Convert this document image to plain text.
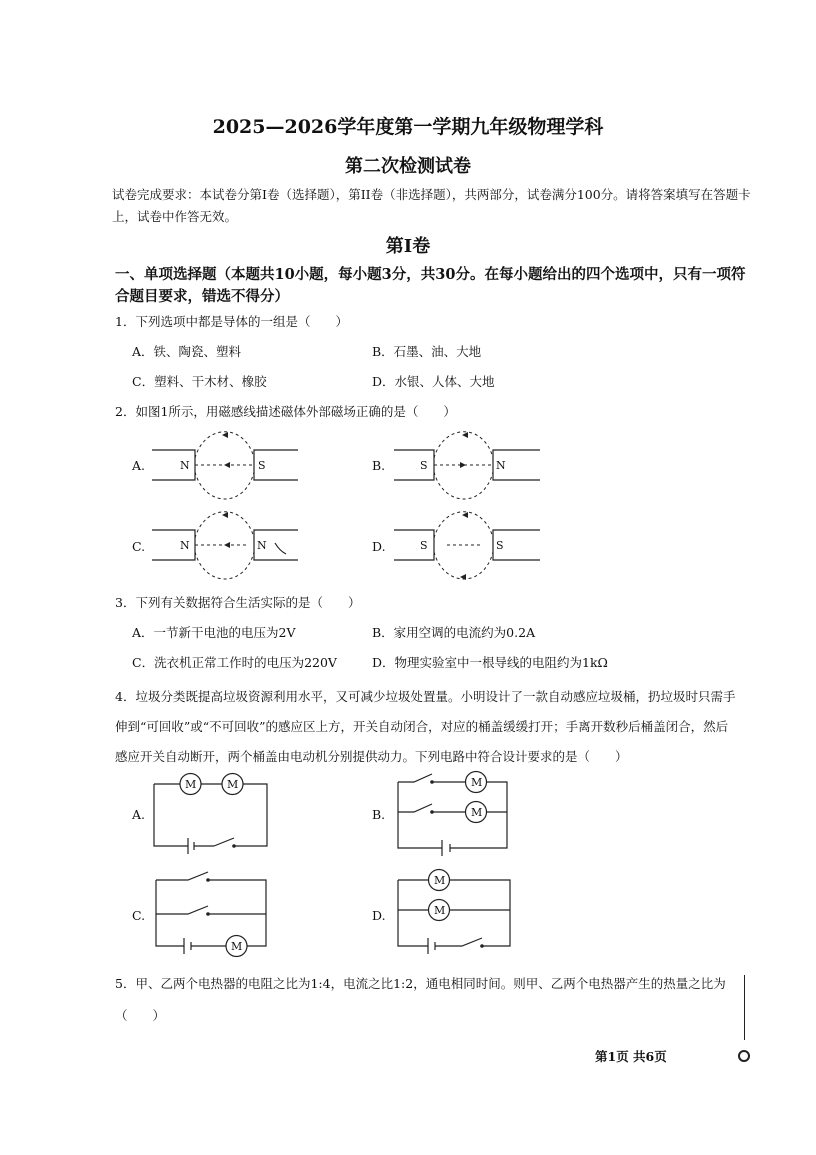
2025—2026学年度第一学期九年级物理学科
第二次检测试卷
试卷完成要求：本试卷分第I卷（选择题），第II卷（非选择题），共两部分，试卷满分100分。请将答案填写在答题卡上，试卷中作答无效。
第I卷
一、单项选择题（本题共10小题，每小题3分，共30分。在每小题给出的四个选项中，只有一项符合题目要求，错选不得分）
1．下列选项中都是导体的一组是（　　）
A．铁、陶瓷、塑料	B．石墨、油、大地
C．塑料、干木材、橡胶	D．水银、人体、大地
2．如图1所示，用磁感线描述磁体外部磁场正确的是（　　）
A.	B.
C.	D.
N	S	S	N
N	N	S	S
3．下列有关数据符合生活实际的是（　　）
A．一节新干电池的电压为2V	B．家用空调的电流约为0.2A
C．洗衣机正常工作时的电压为220V	D．物理实验室中一根导线的电阻约为1kΩ
4．垃圾分类既提高垃圾资源利用水平，又可减少垃圾处置量。小明设计了一款自动感应垃圾桶，扔垃圾时只需手伸到“可回收”或“不可回收”的感应区上方，开关自动闭合，对应的桶盖缓缓打开；手离开数秒后桶盖闭合，然后感应开关自动断开，两个桶盖由电动机分别提供动力。下列电路中符合设计要求的是（　　）
A.	B.
C.	D.
M	M	M
M
M
M
M
5．甲、乙两个电热器的电阻之比为1:4，电流之比1:2，通电相同时间。则甲、乙两个电热器产生的热量之比为（　　）
第1页 共6页
